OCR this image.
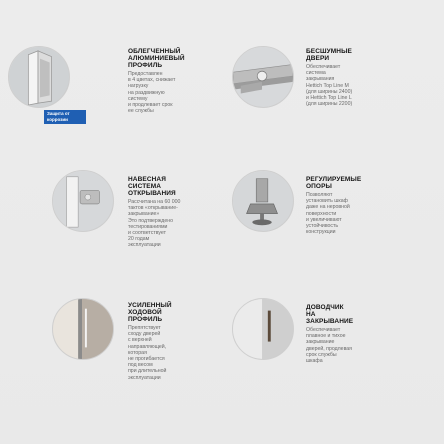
Защита от коррозии
ОБЛЕГЧЕННЫЙ
АЛЮМИНИЕВЫЙ
ПРОФИЛЬ
Предоставлен
в 4 цветах, снижает
нагрузку
на раздвижную
систему
и продлевает срок
ее службы
БЕСШУМНЫЕ
ДВЕРИ
Обеспечивает
система
закрывания
Hettich Top Line M
(для ширины 2400)
и Hettich Top Line L
(для ширины 2200)
НАВЕСНАЯ
СИСТЕМА
ОТКРЫВАНИЯ
Рассчитана на 60 000
тактов «открывание-
закрывание»
Это подтверждено
тестированиями
и соответствует
20 годам
эксплуатации
РЕГУЛИРУЕМЫЕ
ОПОРЫ
Позволяют
установить шкаф
даже на неровной
поверхности
и увеличивают
устойчивость
конструкции
УСИЛЕННЫЙ
ХОДОВОЙ
ПРОФИЛЬ
Препятствует
сходу дверей
с верхней
направляющей,
которая
не прогибается
под весом
при длительной
эксплуатации
ДОВОДЧИК
НА
ЗАКРЫВАНИЕ
Обеспечивает
плавное и тихое
закрывание
дверей, продлевая
срок службы
шкафа
